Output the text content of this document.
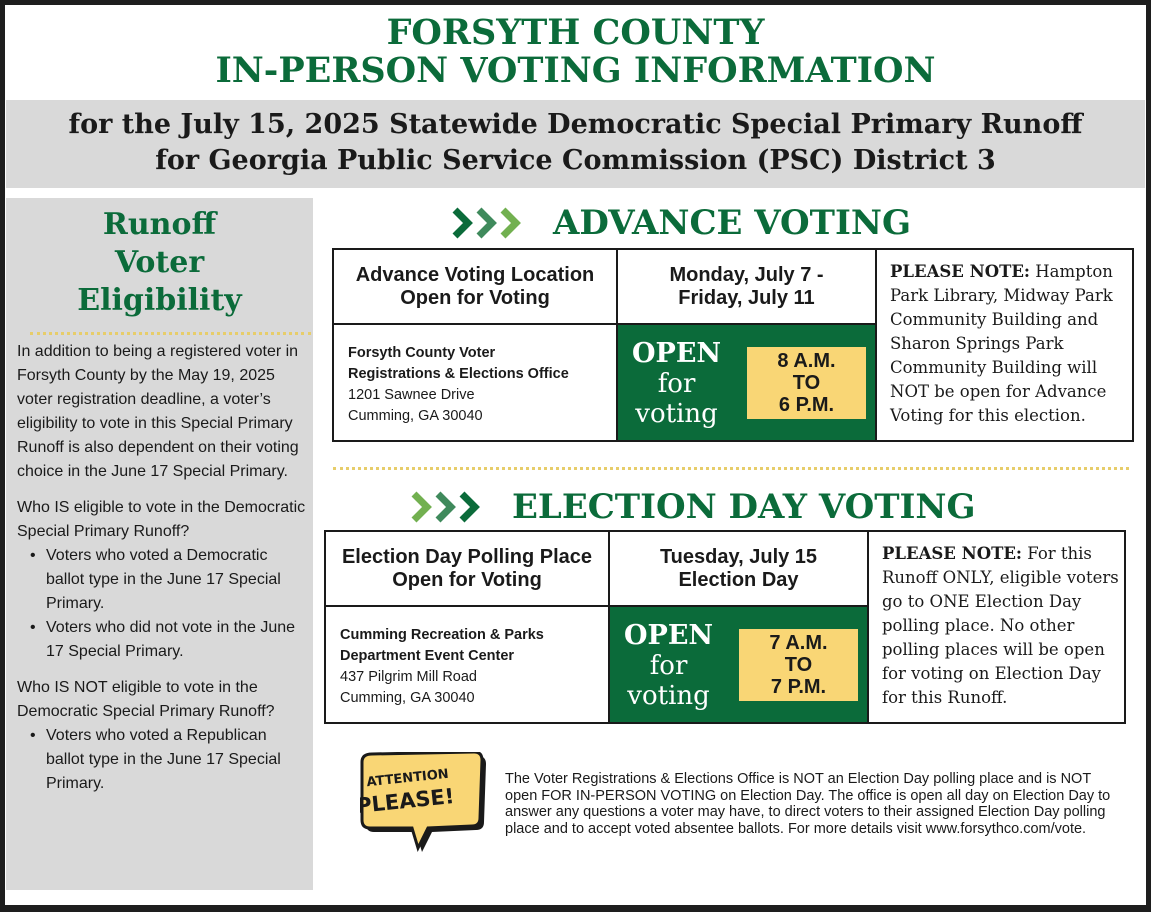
FORSYTH COUNTY
IN-PERSON VOTING INFORMATION
for the July 15, 2025 Statewide Democratic Special Primary Runoff
for Georgia Public Service Commission (PSC) District 3
Runoff
Voter
Eligibility

In addition to being a registered voter in Forsyth County by the May 19, 2025 voter registration deadline, a voter’s eligibility to vote in this Special Primary Runoff is also dependent on their voting choice in the June 17 Special Primary.

Who IS eligible to vote in the Democratic Special Primary Runoff?
• Voters who voted a Democratic ballot type in the June 17 Special Primary.
• Voters who did not vote in the June 17 Special Primary.
Who IS NOT eligible to vote in the Democratic Special Primary Runoff?
• Voters who voted a Republican ballot type in the June 17 Special Primary.
ADVANCE VOTING
Advance Voting Location
Open for Voting
Monday, July 7 -
Friday, July 11
Forsyth County Voter
Registrations & Elections Office
1201 Sawnee Drive
Cumming, GA 30040
OPEN
for
voting
8 A.M.
TO
6 P.M.
PLEASE NOTE: Hampton Park Library, Midway Park Community Building and Sharon Springs Park Community Building will NOT be open for Advance Voting for this election.
ELECTION DAY VOTING
Election Day Polling Place
Open for Voting
Tuesday, July 15
Election Day
Cumming Recreation & Parks
Department Event Center
437 Pilgrim Mill Road
Cumming, GA 30040
OPEN
for
voting
7 A.M.
TO
7 P.M.
PLEASE NOTE: For this Runoff ONLY, eligible voters go to ONE Election Day polling place. No other polling places will be open for voting on Election Day for this Runoff.
ATTENTION
PLEASE!
The Voter Registrations & Elections Office is NOT an Election Day polling place and is NOT open FOR IN-PERSON VOTING on Election Day. The office is open all day on Election Day to answer any questions a voter may have, to direct voters to their assigned Election Day polling place and to accept voted absentee ballots. For more details visit www.forsythco.com/vote.
